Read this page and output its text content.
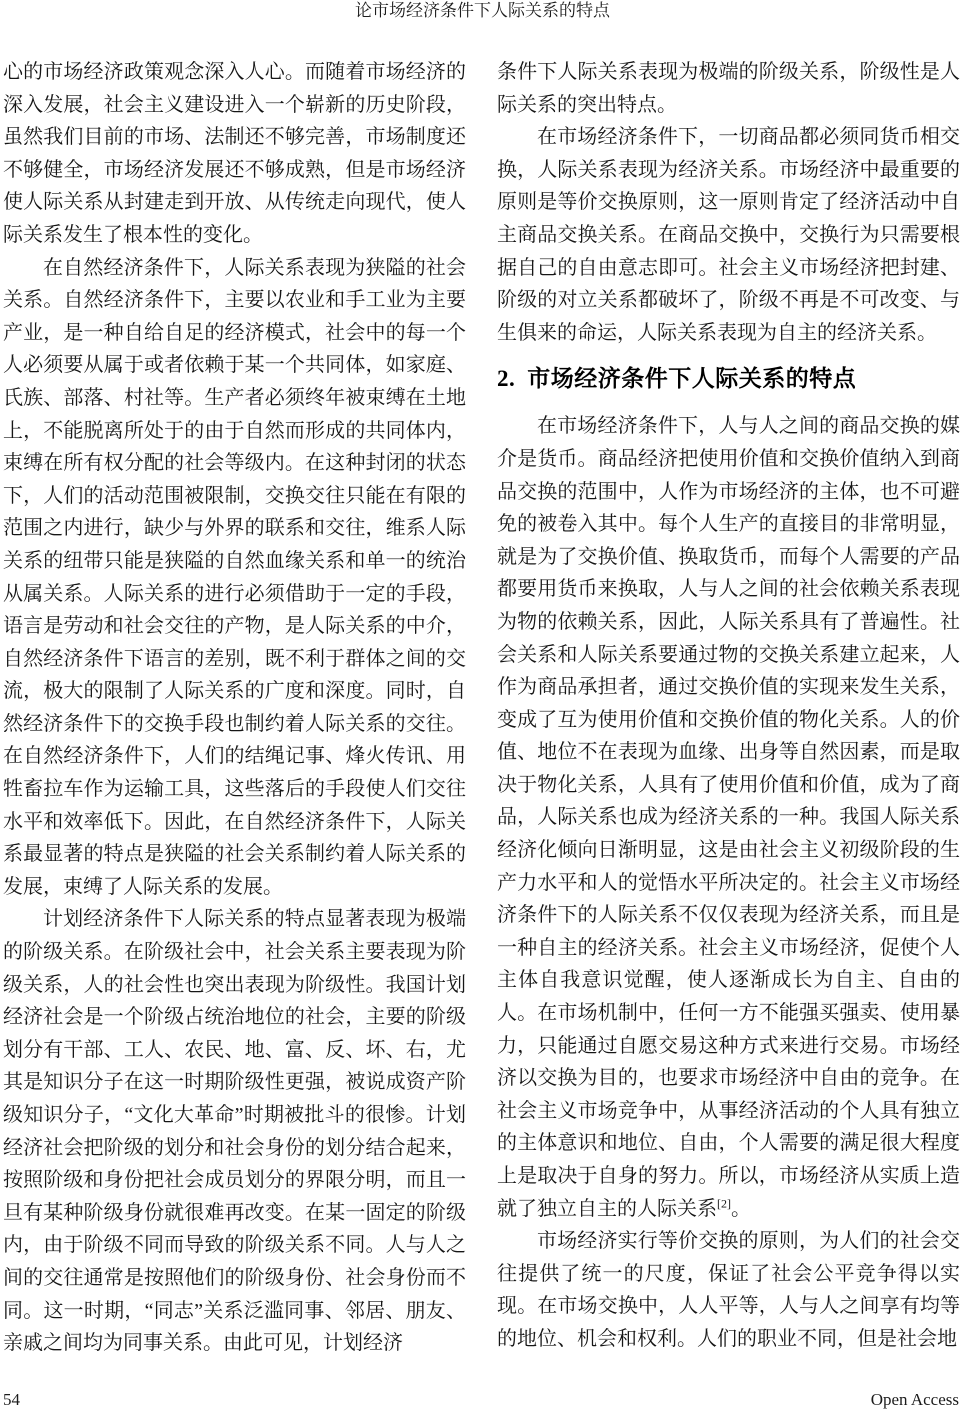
论市场经济条件下人际关系的特点

心的市场经济政策观念深入人心。而随着市场经济的深入发展，社会主义建设进入一个崭新的历史阶段，虽然我们目前的市场、法制还不够完善，市场制度还不够健全，市场经济发展还不够成熟，但是市场经济使人际关系从封建走到开放、从传统走向现代，使人际关系发生了根本性的变化。

在自然经济条件下，人际关系表现为狭隘的社会关系。自然经济条件下，主要以农业和手工业为主要产业，是一种自给自足的经济模式，社会中的每一个人必须要从属于或者依赖于某一个共同体，如家庭、氏族、部落、村社等。生产者必须终年被束缚在土地上，不能脱离所处于的由于自然而形成的共同体内，束缚在所有权分配的社会等级内。在这种封闭的状态下，人们的活动范围被限制，交换交往只能在有限的范围之内进行，缺少与外界的联系和交往，维系人际关系的纽带只能是狭隘的自然血缘关系和单一的统治从属关系。人际关系的进行必须借助于一定的手段，语言是劳动和社会交往的产物，是人际关系的中介，自然经济条件下语言的差别，既不利于群体之间的交流，极大的限制了人际关系的广度和深度。同时，自然经济条件下的交换手段也制约着人际关系的交往。在自然经济条件下，人们的结绳记事、烽火传讯、用牲畜拉车作为运输工具，这些落后的手段使人们交往水平和效率低下。因此，在自然经济条件下，人际关系最显著的特点是狭隘的社会关系制约着人际关系的发展，束缚了人际关系的发展。

计划经济条件下人际关系的特点显著表现为极端的阶级关系。在阶级社会中，社会关系主要表现为阶级关系，人的社会性也突出表现为阶级性。我国计划经济社会是一个阶级占统治地位的社会，主要的阶级划分有干部、工人、农民、地、富、反、坏、右，尤其是知识分子在这一时期阶级性更强，被说成资产阶级知识分子，“文化大革命”时期被批斗的很惨。计划经济社会把阶级的划分和社会身份的划分结合起来，按照阶级和身份把社会成员划分的界限分明，而且一旦有某种阶级身份就很难再改变。在某一固定的阶级内，由于阶级不同而导致的阶级关系不同。人与人之间的交往通常是按照他们的阶级身份、社会身份而不同。这一时期，“同志”关系泛滥同事、邻居、朋友、亲戚之间均为同事关系。由此可见，计划经济

条件下人际关系表现为极端的阶级关系，阶级性是人际关系的突出特点。

在市场经济条件下，一切商品都必须同货币相交换，人际关系表现为经济关系。市场经济中最重要的原则是等价交换原则，这一原则肯定了经济活动中自主商品交换关系。在商品交换中，交换行为只需要根据自己的自由意志即可。社会主义市场经济把封建、阶级的对立关系都破坏了，阶级不再是不可改变、与生俱来的命运，人际关系表现为自主的经济关系。

2. 市场经济条件下人际关系的特点

在市场经济条件下，人与人之间的商品交换的媒介是货币。商品经济把使用价值和交换价值纳入到商品交换的范围中，人作为市场经济的主体，也不可避免的被卷入其中。每个人生产的直接目的非常明显，就是为了交换价值、换取货币，而每个人需要的产品都要用货币来换取，人与人之间的社会依赖关系表现为物的依赖关系，因此，人际关系具有了普遍性。社会关系和人际关系要通过物的交换关系建立起来，人作为商品承担者，通过交换价值的实现来发生关系，变成了互为使用价值和交换价值的物化关系。人的价值、地位不在表现为血缘、出身等自然因素，而是取决于物化关系，人具有了使用价值和价值，成为了商品，人际关系也成为经济关系的一种。我国人际关系经济化倾向日渐明显，这是由社会主义初级阶段的生产力水平和人的觉悟水平所决定的。社会主义市场经济条件下的人际关系不仅仅表现为经济关系，而且是一种自主的经济关系。社会主义市场经济，促使个人主体自我意识觉醒，使人逐渐成长为自主、自由的人。在市场机制中，任何一方不能强买强卖、使用暴力，只能通过自愿交易这种方式来进行交易。市场经济以交换为目的，也要求市场经济中自由的竞争。在社会主义市场竞争中，从事经济活动的个人具有独立的主体意识和地位、自由，个人需要的满足很大程度上是取决于自身的努力。所以，市场经济从实质上造就了独立自主的人际关系[2]。

市场经济实行等价交换的原则，为人们的社会交往提供了统一的尺度，保证了社会公平竞争得以实现。在市场交换中，人人平等，人与人之间享有均等的地位、机会和权利。人们的职业不同，但是社会地

54	Open Access
